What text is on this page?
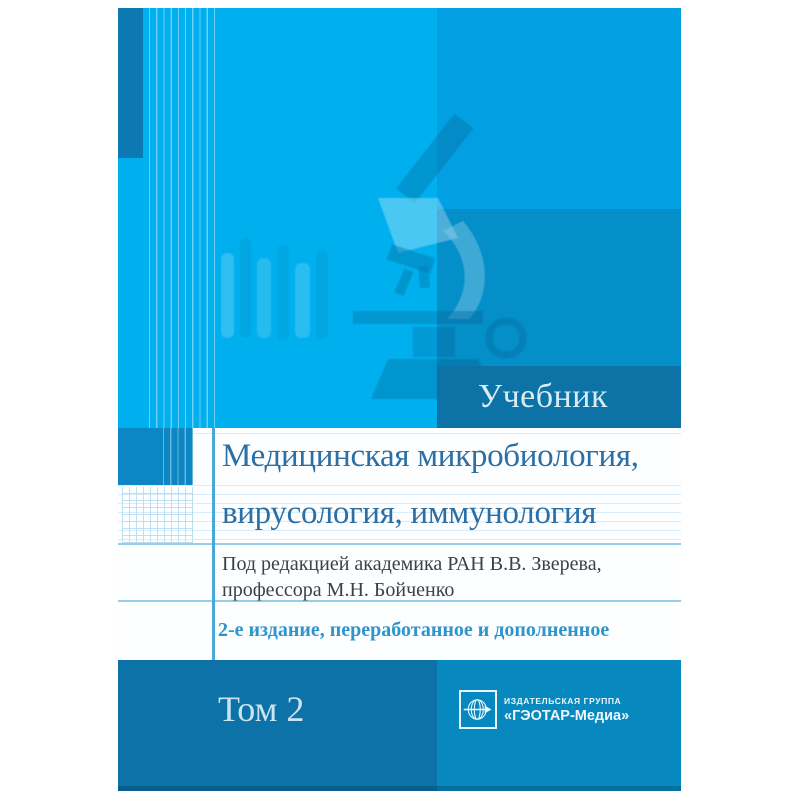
Учебник
Медицинская микробиология,
вирусология, иммунология
Под редакцией академика РАН В.В. Зверева,
профессора М.Н. Бойченко
2-е издание, переработанное и дополненное
Том 2	ИЗДАТЕЛЬСКАЯ ГРУППА
«ГЭОТАР-Медиа»
